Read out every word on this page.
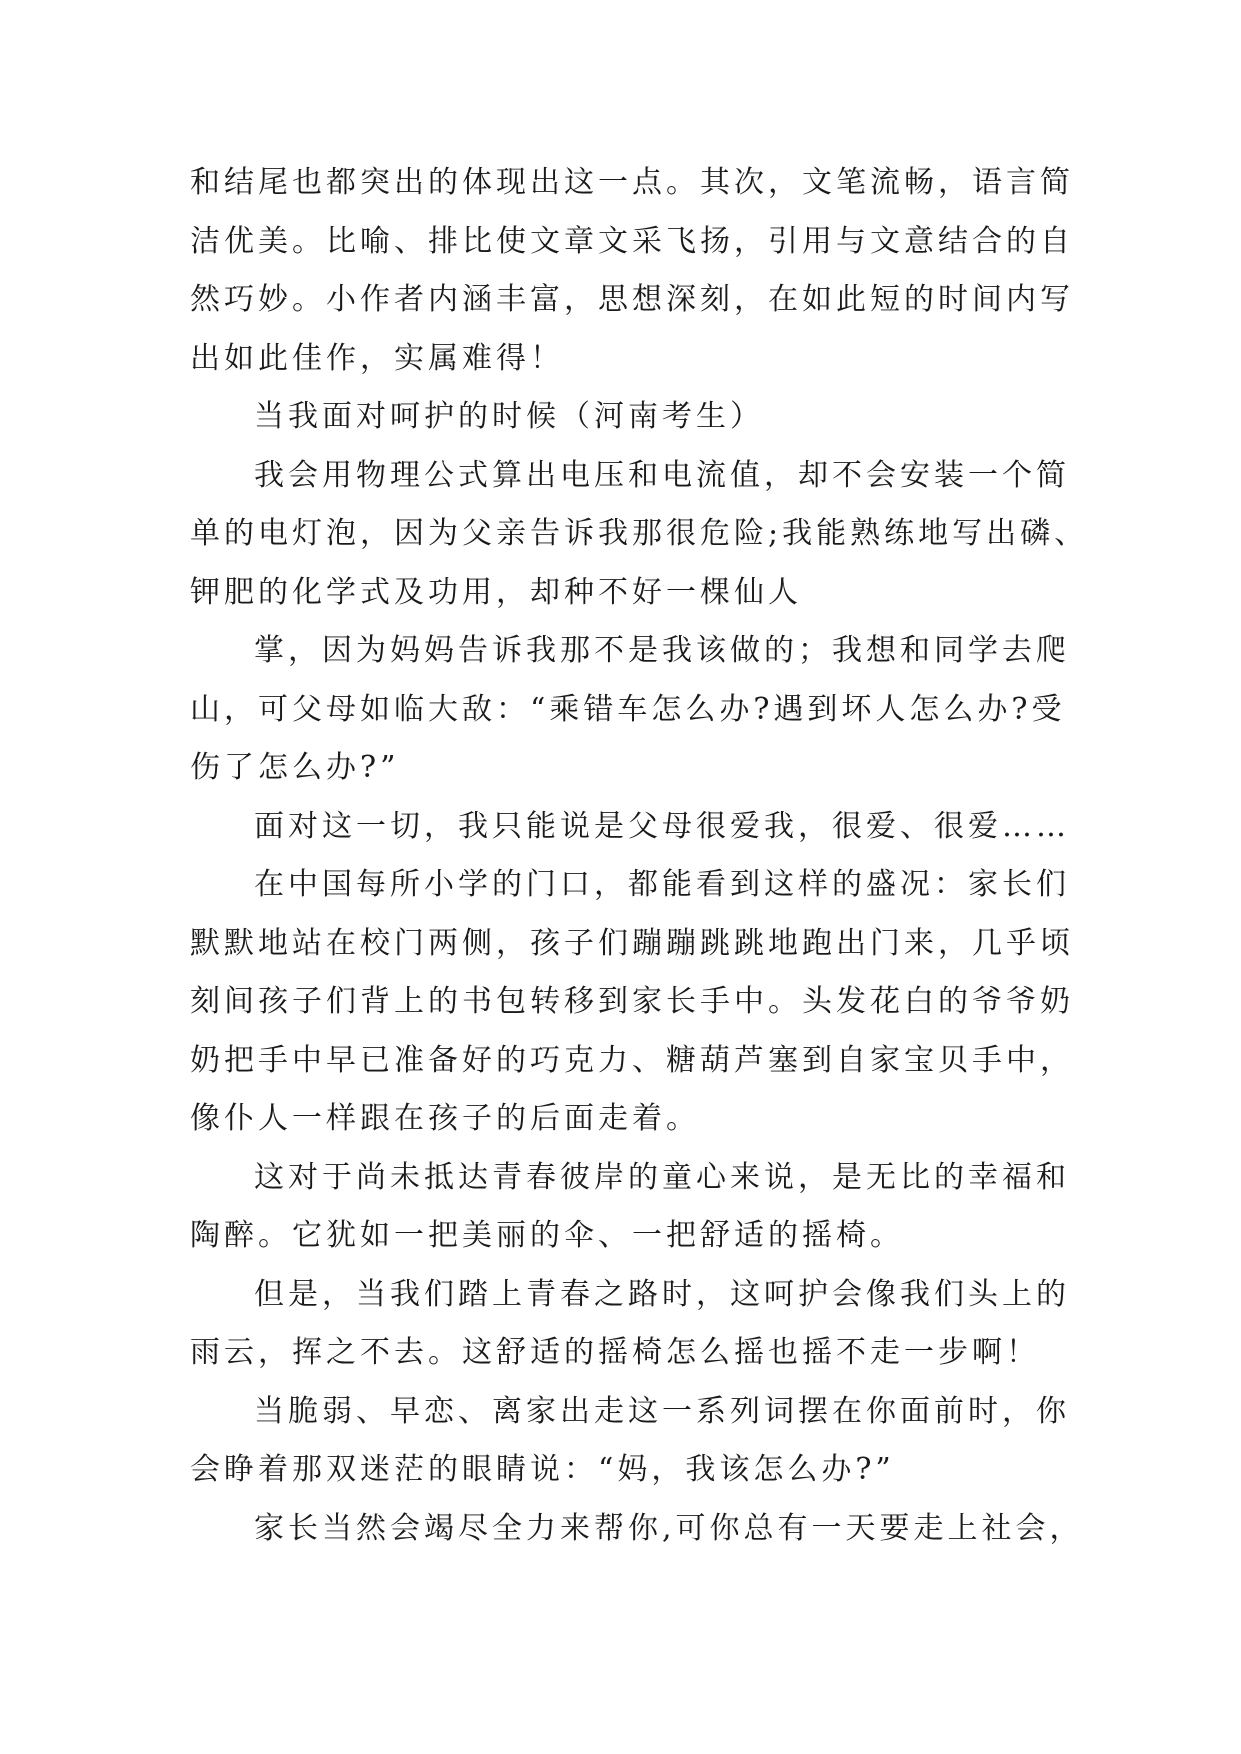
和结尾也都突出的体现出这一点。其次，文笔流畅，语言简
洁优美。比喻、排比使文章文采飞扬，引用与文意结合的自
然巧妙。小作者内涵丰富，思想深刻，在如此短的时间内写
出如此佳作，实属难得！
当我面对呵护的时候（河南考生）
我会用物理公式算出电压和电流值，却不会安装一个简
单的电灯泡，因为父亲告诉我那很危险;我能熟练地写出磷、
钾肥的化学式及功用，却种不好一棵仙人
掌，因为妈妈告诉我那不是我该做的；我想和同学去爬
山，可父母如临大敌：“乘错车怎么办?遇到坏人怎么办?受
伤了怎么办?”
面对这一切，我只能说是父母很爱我，很爱、很爱……
在中国每所小学的门口，都能看到这样的盛况：家长们
默默地站在校门两侧，孩子们蹦蹦跳跳地跑出门来，几乎顷
刻间孩子们背上的书包转移到家长手中。头发花白的爷爷奶
奶把手中早已准备好的巧克力、糖葫芦塞到自家宝贝手中，
像仆人一样跟在孩子的后面走着。
这对于尚未抵达青春彼岸的童心来说，是无比的幸福和
陶醉。它犹如一把美丽的伞、一把舒适的摇椅。
但是，当我们踏上青春之路时，这呵护会像我们头上的
雨云，挥之不去。这舒适的摇椅怎么摇也摇不走一步啊！
当脆弱、早恋、离家出走这一系列词摆在你面前时，你
会睁着那双迷茫的眼睛说：“妈，我该怎么办?”
家长当然会竭尽全力来帮你,可你总有一天要走上社会，
